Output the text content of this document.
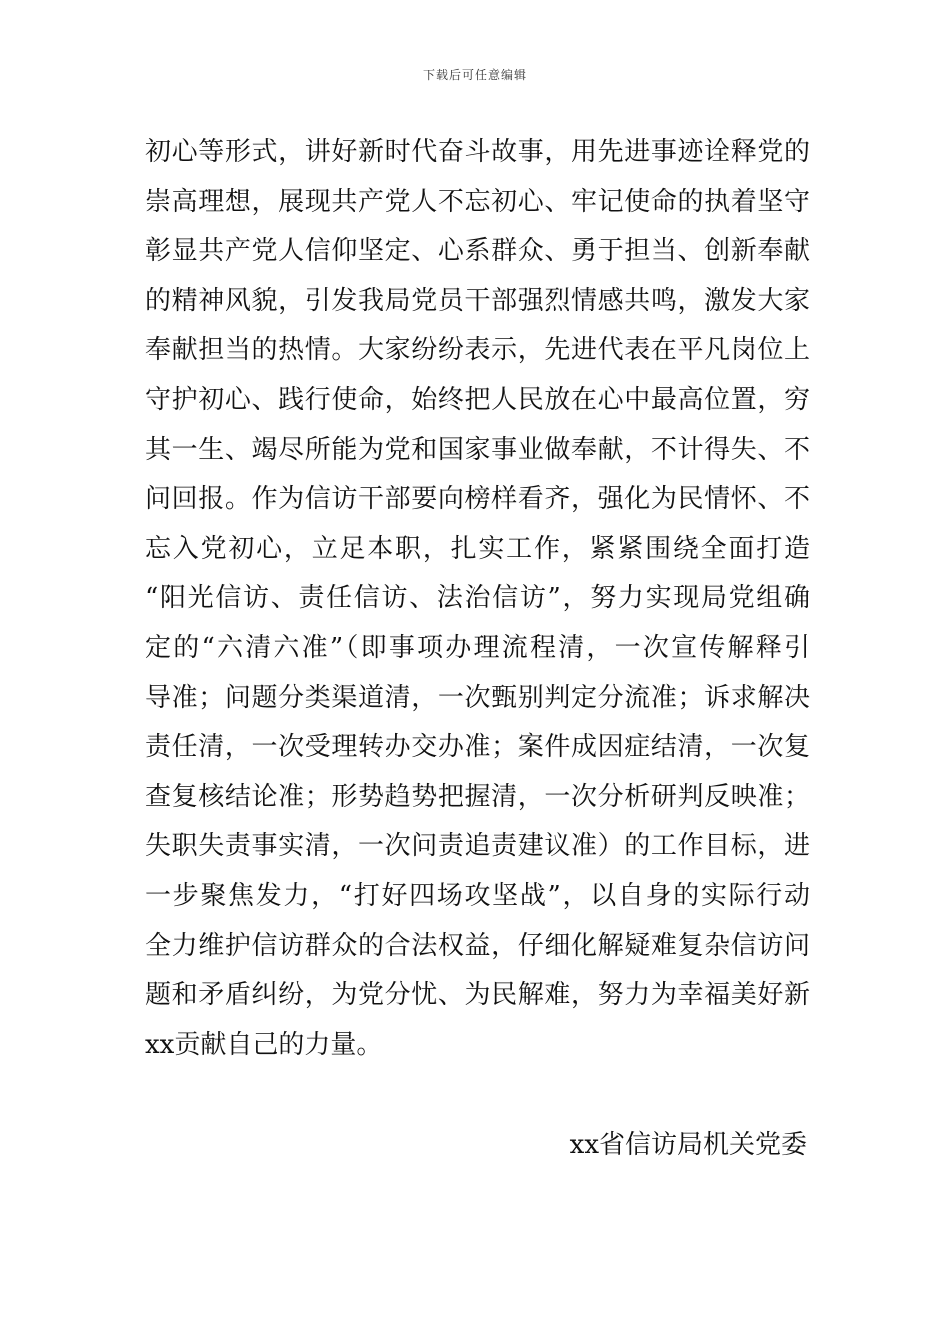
下载后可任意编辑
初心等形式，讲好新时代奋斗故事，用先进事迹诠释党的
崇高理想，展现共产党人不忘初心、牢记使命的执着坚守
彰显共产党人信仰坚定、心系群众、勇于担当、创新奉献
的精神风貌，引发我局党员干部强烈情感共鸣，激发大家
奉献担当的热情。大家纷纷表示，先进代表在平凡岗位上
守护初心、践行使命，始终把人民放在心中最高位置，穷
其一生、竭尽所能为党和国家事业做奉献，不计得失、不
问回报。作为信访干部要向榜样看齐，强化为民情怀、不
忘入党初心，立足本职，扎实工作，紧紧围绕全面打造
“阳光信访、责任信访、法治信访”，努力实现局党组确
定的“六清六准”（即事项办理流程清，一次宣传解释引
导准；问题分类渠道清，一次甄别判定分流准；诉求解决
责任清，一次受理转办交办准；案件成因症结清，一次复
查复核结论准；形势趋势把握清，一次分析研判反映准；
失职失责事实清，一次问责追责建议准）的工作目标，进
一步聚焦发力，“打好四场攻坚战”，以自身的实际行动
全力维护信访群众的合法权益，仔细化解疑难复杂信访问
题和矛盾纠纷，为党分忧、为民解难，努力为幸福美好新
xx贡献自己的力量。
xx省信访局机关党委
